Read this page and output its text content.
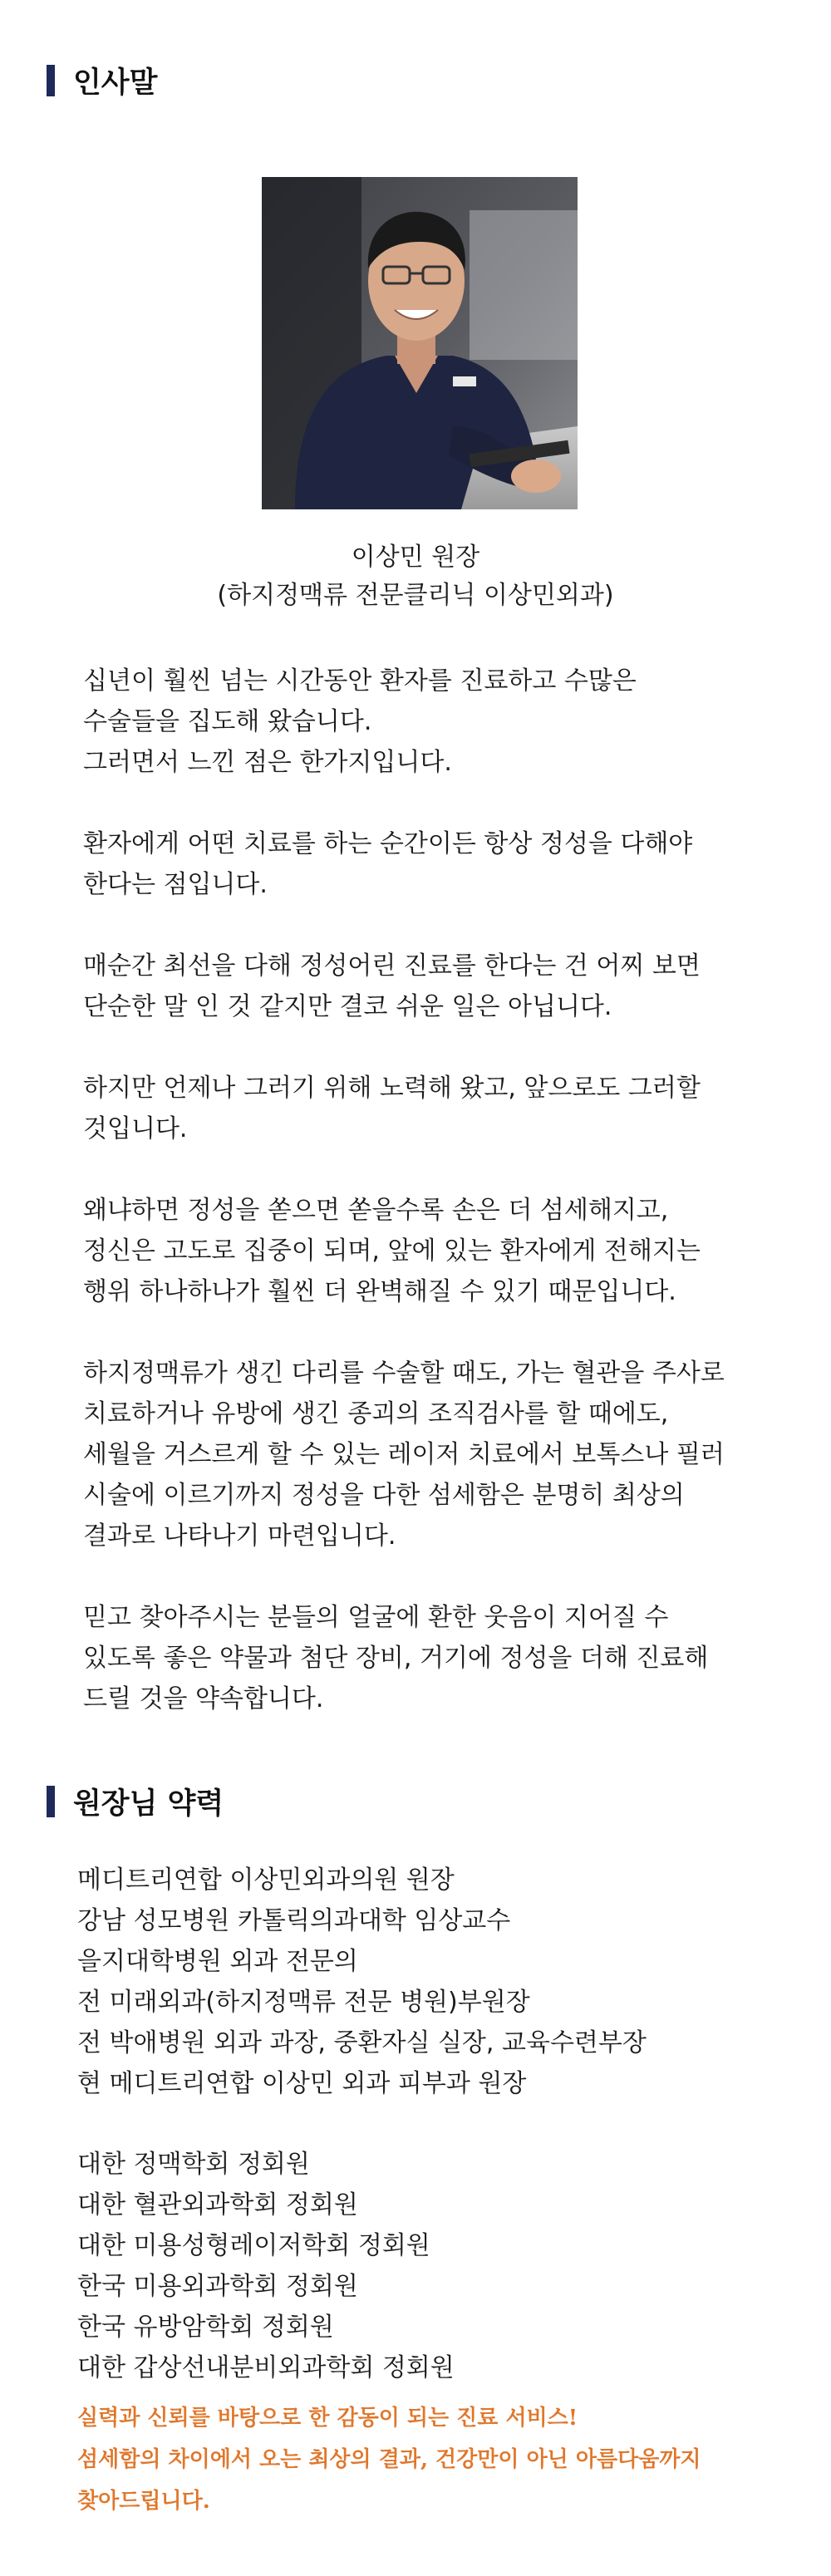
인사말
이상민 원장
(하지정맥류 전문클리닉 이상민외과)

십년이 훨씬 넘는 시간동안 환자를 진료하고 수많은
수술들을 집도해 왔습니다.
그러면서 느낀 점은 한가지입니다.

환자에게 어떤 치료를 하는 순간이든 항상 정성을 다해야
한다는 점입니다.

매순간 최선을 다해 정성어린 진료를 한다는 건 어찌 보면
단순한 말 인 것 같지만 결코 쉬운 일은 아닙니다.

하지만 언제나 그러기 위해 노력해 왔고, 앞으로도 그러할
것입니다.

왜냐하면 정성을 쏟으면 쏟을수록 손은 더 섬세해지고,
정신은 고도로 집중이 되며, 앞에 있는 환자에게 전해지는
행위 하나하나가 훨씬 더 완벽해질 수 있기 때문입니다.

하지정맥류가 생긴 다리를 수술할 때도, 가는 혈관을 주사로
치료하거나 유방에 생긴 종괴의 조직검사를 할 때에도,
세월을 거스르게 할 수 있는 레이저 치료에서 보톡스나 필러
시술에 이르기까지 정성을 다한 섬세함은 분명히 최상의
결과로 나타나기 마련입니다.

믿고 찾아주시는 분들의 얼굴에 환한 웃음이 지어질 수
있도록 좋은 약물과 첨단 장비, 거기에 정성을 더해 진료해
드릴 것을 약속합니다.

원장님 약력
메디트리연합 이상민외과의원 원장
강남 성모병원 카톨릭의과대학 임상교수
을지대학병원 외과 전문의
전 미래외과(하지정맥류 전문 병원)부원장
전 박애병원 외과 과장, 중환자실 실장, 교육수련부장
현 메디트리연합 이상민 외과 피부과 원장
대한 정맥학회 정회원
대한 혈관외과학회 정회원
대한 미용성형레이저학회 정회원
한국 미용외과학회 정회원
한국 유방암학회 정회원
대한 갑상선내분비외과학회 정회원
실력과 신뢰를 바탕으로 한 감동이 되는 진료 서비스!
섬세함의 차이에서 오는 최상의 결과, 건강만이 아닌 아름다움까지
찾아드립니다.
